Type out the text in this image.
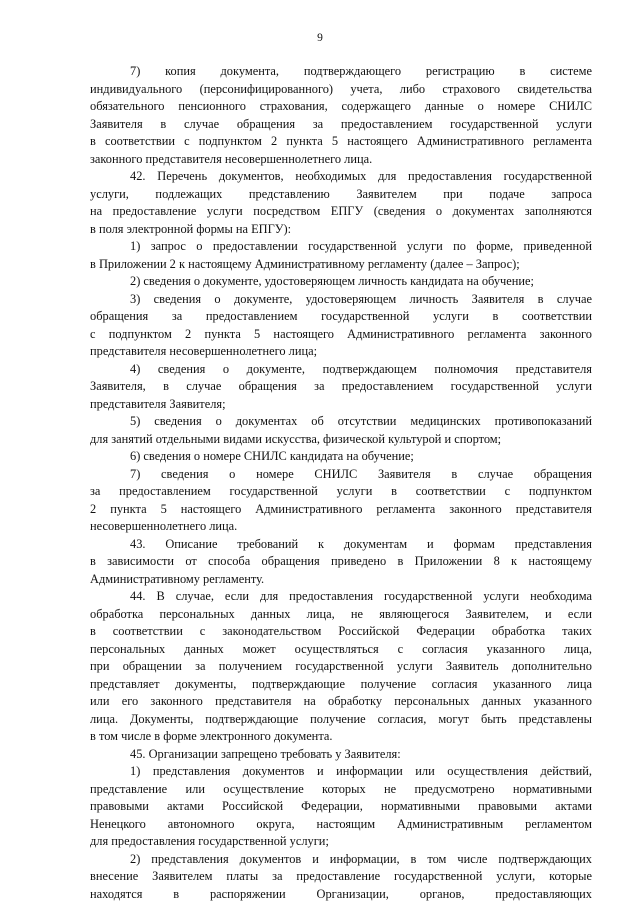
9
7) копия документа, подтверждающего регистрацию в системе
индивидуального (персонифицированного) учета, либо страхового свидетельства
обязательного пенсионного страхования, содержащего данные о номере СНИЛС
Заявителя в случае обращения за предоставлением государственной услуги
в соответствии с подпунктом 2 пункта 5 настоящего Административного регламента
законного представителя несовершеннолетнего лица.
42. Перечень документов, необходимых для предоставления государственной
услуги, подлежащих представлению Заявителем при подаче запроса
на предоставление услуги посредством ЕПГУ (сведения о документах заполняются
в поля электронной формы на ЕПГУ):
1) запрос о предоставлении государственной услуги по форме, приведенной
в Приложении 2 к настоящему Административному регламенту (далее – Запрос);
2) сведения о документе, удостоверяющем личность кандидата на обучение;
3) сведения о документе, удостоверяющем личность Заявителя в случае
обращения за предоставлением государственной услуги в соответствии
с подпунктом 2 пункта 5 настоящего Административного регламента законного
представителя несовершеннолетнего лица;
4) сведения о документе, подтверждающем полномочия представителя
Заявителя, в случае обращения за предоставлением государственной услуги
представителя Заявителя;
5) сведения о документах об отсутствии медицинских противопоказаний
для занятий отдельными видами искусства, физической культурой и спортом;
6) сведения о номере СНИЛС кандидата на обучение;
7) сведения о номере СНИЛС Заявителя в случае обращения
за предоставлением государственной услуги в соответствии с подпунктом
2 пункта 5 настоящего Административного регламента законного представителя
несовершеннолетнего лица.
43. Описание требований к документам и формам представления
в зависимости от способа обращения приведено в Приложении 8 к настоящему
Административному регламенту.
44. В случае, если для предоставления государственной услуги необходима
обработка персональных данных лица, не являющегося Заявителем, и если
в соответствии с законодательством Российской Федерации обработка таких
персональных данных может осуществляться с согласия указанного лица,
при обращении за получением государственной услуги Заявитель дополнительно
представляет документы, подтверждающие получение согласия указанного лица
или его законного представителя на обработку персональных данных указанного
лица. Документы, подтверждающие получение согласия, могут быть представлены
в том числе в форме электронного документа.
45. Организации запрещено требовать у Заявителя:
1) представления документов и информации или осуществления действий,
представление или осуществление которых не предусмотрено нормативными
правовыми актами Российской Федерации, нормативными правовыми актами
Ненецкого автономного округа, настоящим Административным регламентом
для предоставления государственной услуги;
2) представления документов и информации, в том числе подтверждающих
внесение Заявителем платы за предоставление государственной услуги, которые
находятся в распоряжении Организации, органов, предоставляющих
